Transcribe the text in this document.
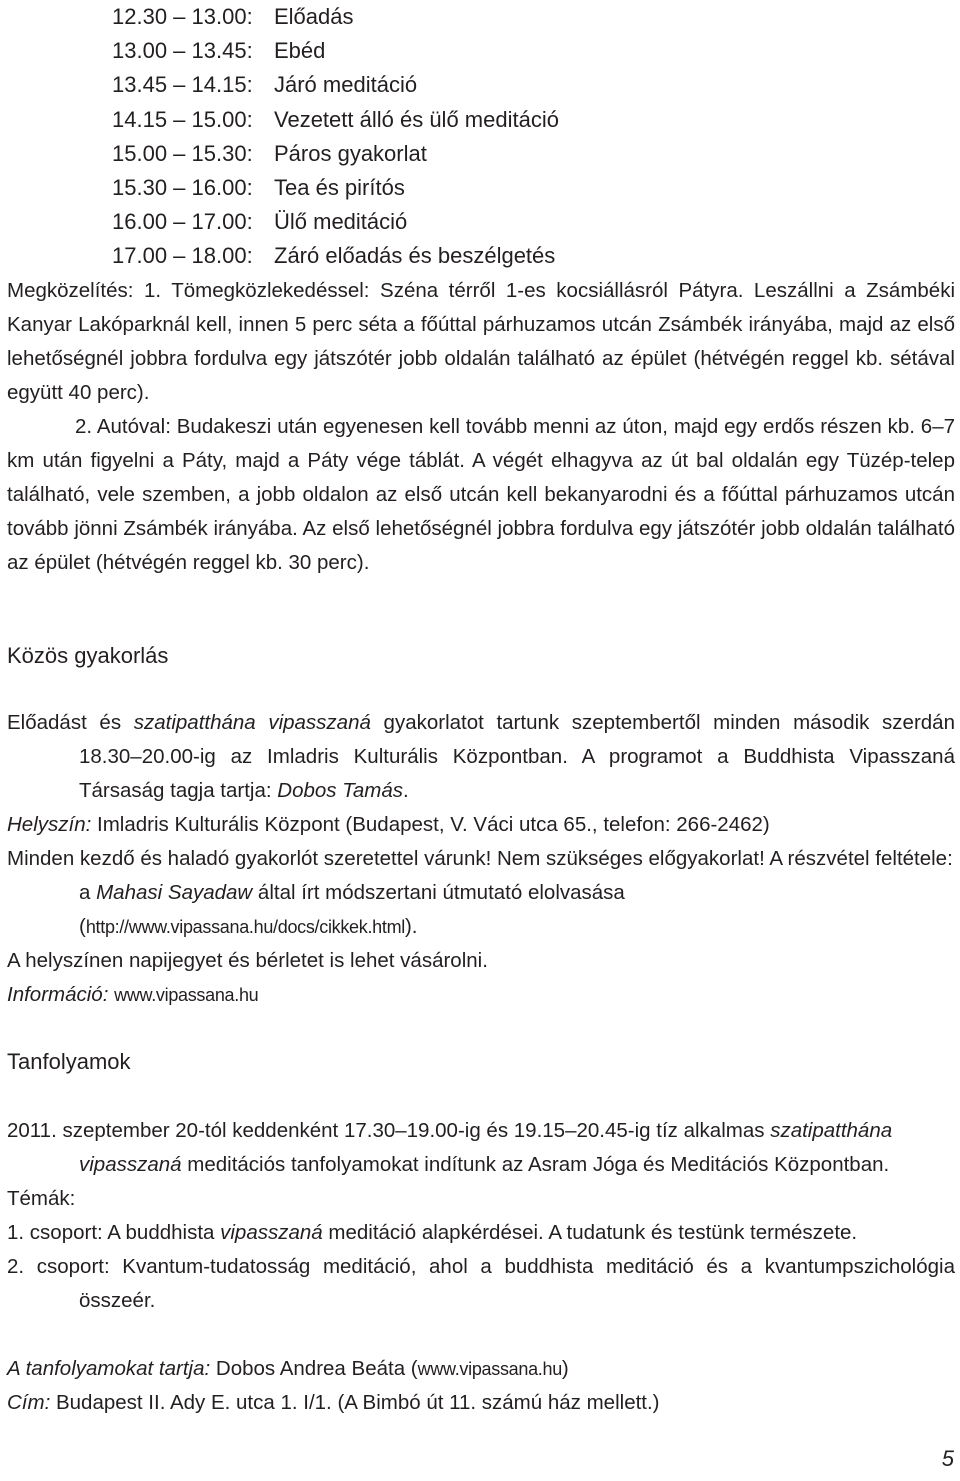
12.30 – 13.00: Előadás
13.00 – 13.45: Ebéd
13.45 – 14.15: Járó meditáció
14.15 – 15.00: Vezetett álló és ülő meditáció
15.00 – 15.30: Páros gyakorlat
15.30 – 16.00: Tea és pirítós
16.00 – 17.00: Ülő meditáció
17.00 – 18.00: Záró előadás és beszélgetés

Megközelítés: 1. Tömegközlekedéssel: Széna térről 1-es kocsiállásról Pátyra. Leszállni a Zsámbéki Kanyar Lakóparknál kell, innen 5 perc séta a főúttal párhuzamos utcán Zsámbék irányába, majd az első lehetőségnél jobbra fordulva egy játszótér jobb oldalán található az épület (hétvégén reggel kb. sétával együtt 40 perc).

2. Autóval: Budakeszi után egyenesen kell tovább menni az úton, majd egy erdős részen kb. 6–7 km után figyelni a Páty, majd a Páty vége táblát. A végét elhagyva az út bal oldalán egy Tüzép-telep található, vele szemben, a jobb oldalon az első utcán kell bekanyarodni és a főúttal párhuzamos utcán tovább jönni Zsámbék irányába. Az első lehetőségnél jobbra fordulva egy játszótér jobb oldalán található az épület (hétvégén reggel kb. 30 perc).

Közös gyakorlás

Előadást és szatipatthána vipasszaná gyakorlatot tartunk szeptembertől minden második szerdán 18.30–20.00-ig az Imladris Kulturális Központban. A programot a Buddhista Vipasszaná Társaság tagja tartja: Dobos Tamás.

Helyszín: Imladris Kulturális Központ (Budapest, V. Váci utca 65., telefon: 266-2462)

Minden kezdő és haladó gyakorlót szeretettel várunk! Nem szükséges előgyakorlat! A részvétel feltétele: a Mahasi Sayadaw által írt módszertani útmutató elolvasása (http://www.vipassana.hu/docs/cikkek.html).

A helyszínen napijegyet és bérletet is lehet vásárolni.

Információ: www.vipassana.hu

Tanfolyamok

2011. szeptember 20-tól keddenként 17.30–19.00-ig és 19.15–20.45-ig tíz alkalmas szatipatthána vipasszaná meditációs tanfolyamokat indítunk az Asram Jóga és Meditációs Központban.

Témák:

1. csoport: A buddhista vipasszaná meditáció alapkérdései. A tudatunk és testünk természete.

2. csoport: Kvantum-tudatosság meditáció, ahol a buddhista meditáció és a kvantumpszichológia összeér.

A tanfolyamokat tartja: Dobos Andrea Beáta (www.vipassana.hu)

Cím: Budapest II. Ady E. utca 1. I/1. (A Bimbó út 11. számú ház mellett.)

5
